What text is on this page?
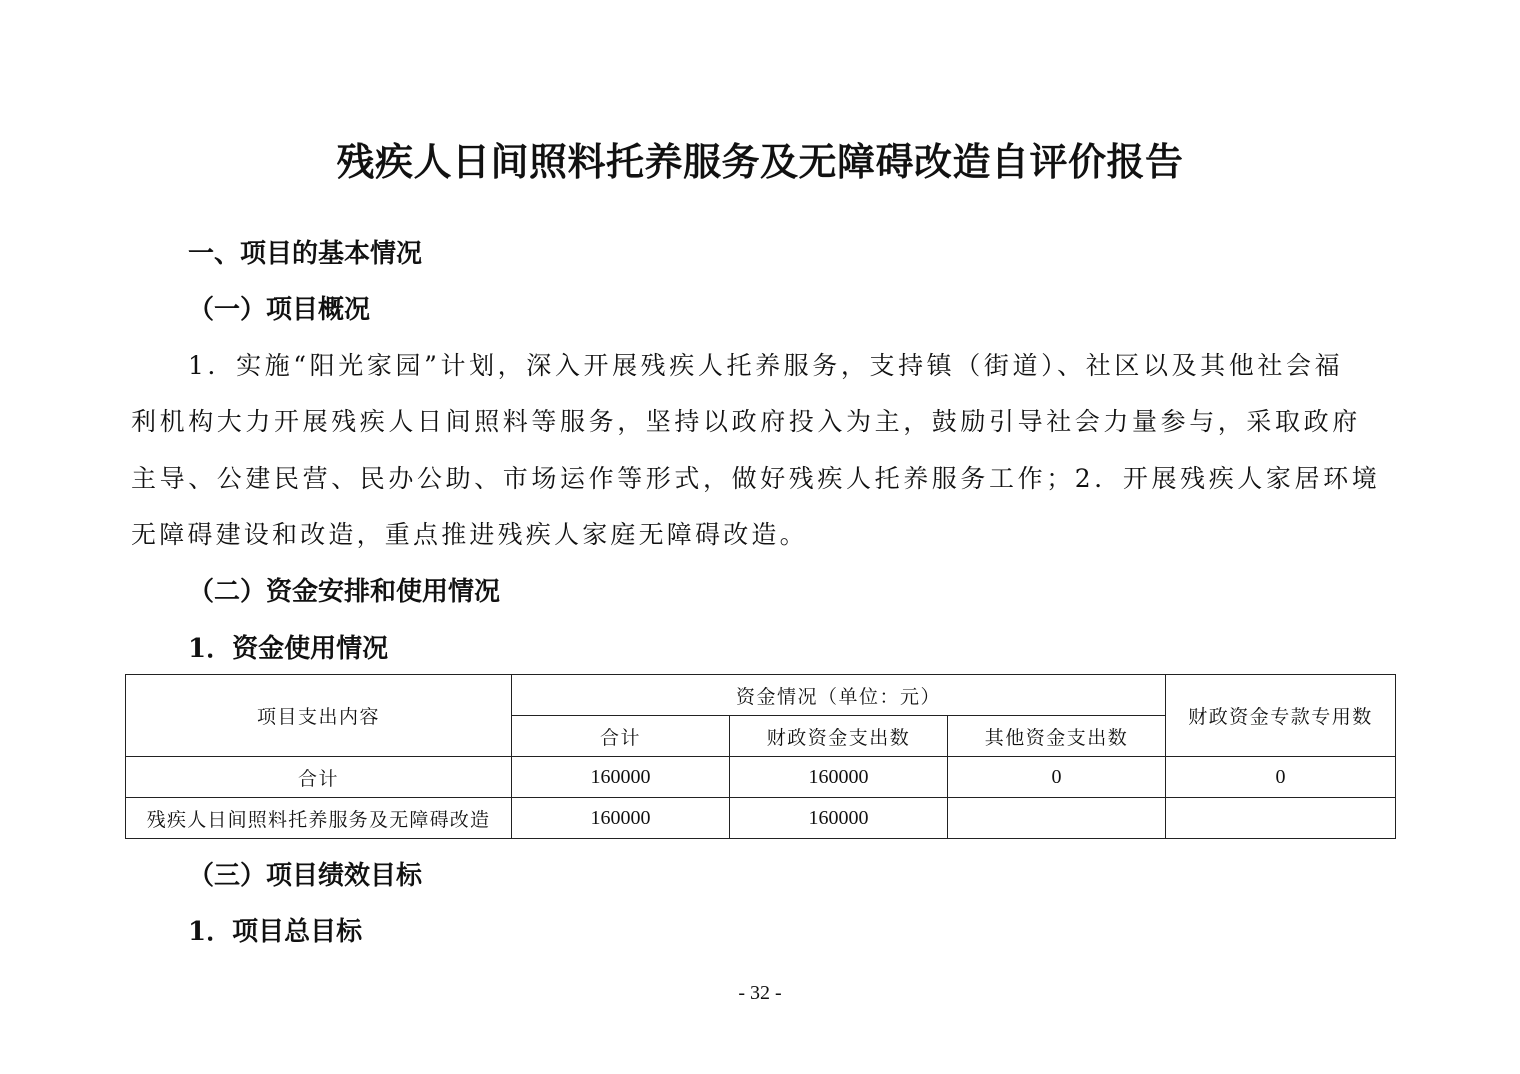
残疾人日间照料托养服务及无障碍改造自评价报告
一、项目的基本情况
（一）项目概况
1．实施“阳光家园”计划，深入开展残疾人托养服务，支持镇（街道）、社区以及其他社会福
利机构大力开展残疾人日间照料等服务，坚持以政府投入为主，鼓励引导社会力量参与，采取政府
主导、公建民营、民办公助、市场运作等形式，做好残疾人托养服务工作；2．开展残疾人家居环境
无障碍建设和改造，重点推进残疾人家庭无障碍改造。
（二）资金安排和使用情况
1．资金使用情况
项目支出内容	资金情况（单位：元）			财政资金专款专用数
	合计	财政资金支出数	其他资金支出数	
合计	160000	160000	0	0
残疾人日间照料托养服务及无障碍改造	160000	160000		
（三）项目绩效目标
1．项目总目标
- 32 -
